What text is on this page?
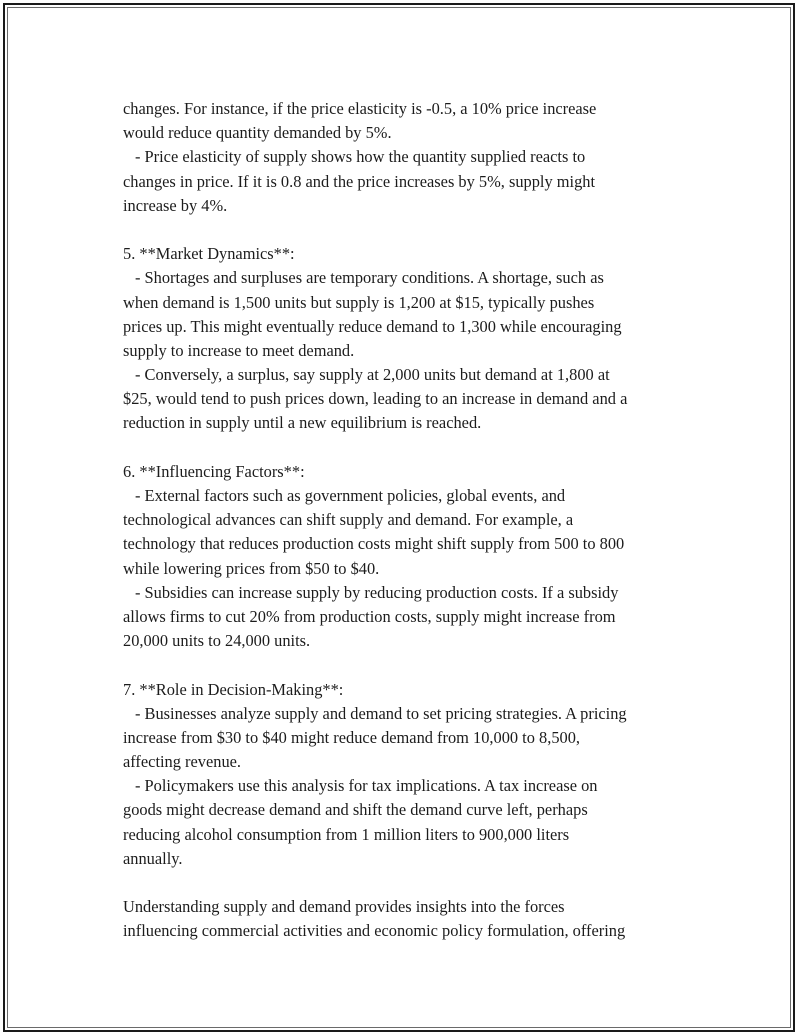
changes. For instance, if the price elasticity is -0.5, a 10% price increase
would reduce quantity demanded by 5%.
- Price elasticity of supply shows how the quantity supplied reacts to
changes in price. If it is 0.8 and the price increases by 5%, supply might
increase by 4%.
5. **Market Dynamics**:
- Shortages and surpluses are temporary conditions. A shortage, such as
when demand is 1,500 units but supply is 1,200 at $15, typically pushes
prices up. This might eventually reduce demand to 1,300 while encouraging
supply to increase to meet demand.
- Conversely, a surplus, say supply at 2,000 units but demand at 1,800 at
$25, would tend to push prices down, leading to an increase in demand and a
reduction in supply until a new equilibrium is reached.
6. **Influencing Factors**:
- External factors such as government policies, global events, and
technological advances can shift supply and demand. For example, a
technology that reduces production costs might shift supply from 500 to 800
while lowering prices from $50 to $40.
- Subsidies can increase supply by reducing production costs. If a subsidy
allows firms to cut 20% from production costs, supply might increase from
20,000 units to 24,000 units.
7. **Role in Decision-Making**:
- Businesses analyze supply and demand to set pricing strategies. A pricing
increase from $30 to $40 might reduce demand from 10,000 to 8,500,
affecting revenue.
- Policymakers use this analysis for tax implications. A tax increase on
goods might decrease demand and shift the demand curve left, perhaps
reducing alcohol consumption from 1 million liters to 900,000 liters
annually.
Understanding supply and demand provides insights into the forces
influencing commercial activities and economic policy formulation, offering
